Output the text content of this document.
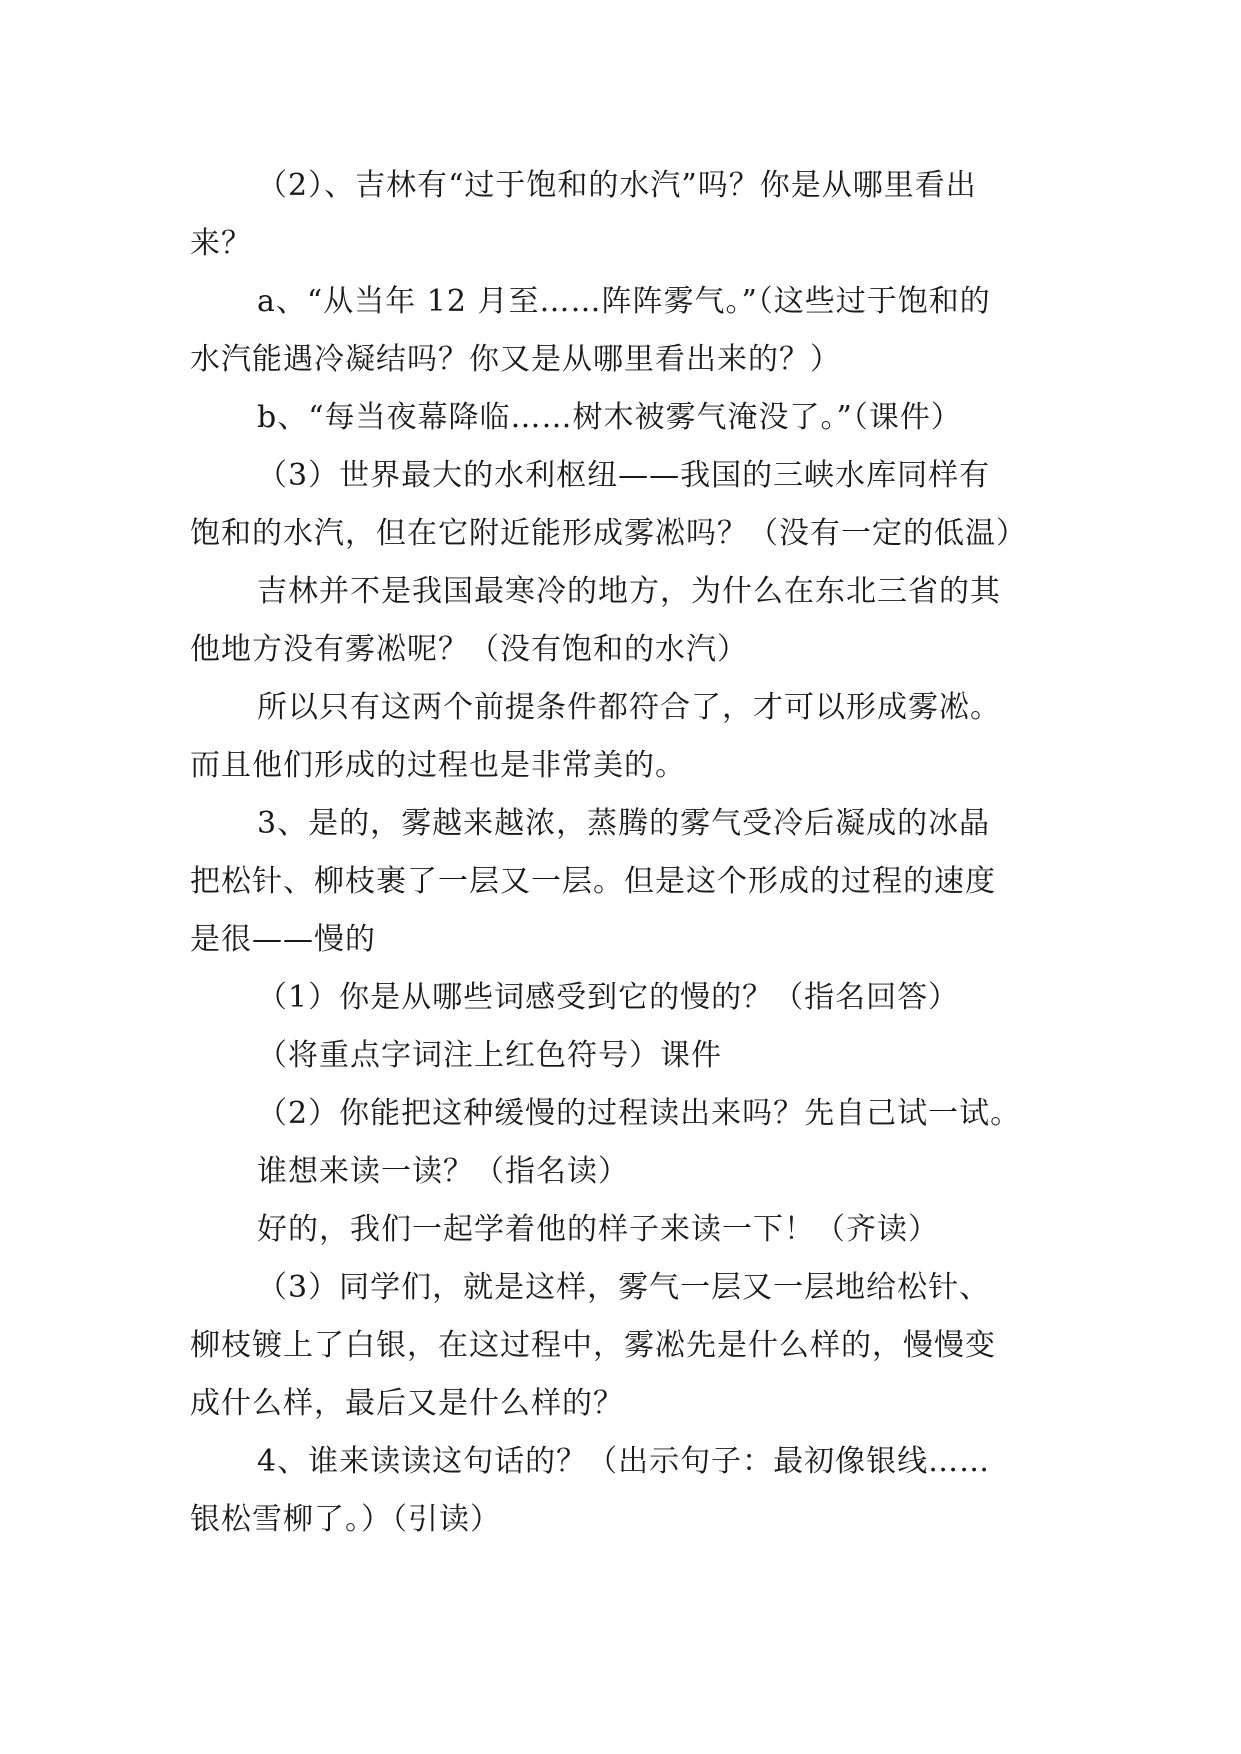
（2）、吉林有“过于饱和的水汽”吗？你是从哪里看出
来？
a、“从当年 12 月至……阵阵雾气。”（这些过于饱和的
水汽能遇冷凝结吗？你又是从哪里看出来的？）
b、“每当夜幕降临……树木被雾气淹没了。”（课件）
（3）世界最大的水利枢纽——我国的三峡水库同样有
饱和的水汽，但在它附近能形成雾凇吗？（没有一定的低温）
吉林并不是我国最寒冷的地方，为什么在东北三省的其
他地方没有雾凇呢？（没有饱和的水汽）
所以只有这两个前提条件都符合了，才可以形成雾凇。
而且他们形成的过程也是非常美的。
3、是的，雾越来越浓，蒸腾的雾气受冷后凝成的冰晶
把松针、柳枝裹了一层又一层。但是这个形成的过程的速度
是很——慢的
（1）你是从哪些词感受到它的慢的？（指名回答）
（将重点字词注上红色符号）课件
（2）你能把这种缓慢的过程读出来吗？先自己试一试。
谁想来读一读？（指名读）
好的，我们一起学着他的样子来读一下！（齐读）
（3）同学们，就是这样，雾气一层又一层地给松针、
柳枝镀上了白银，在这过程中，雾凇先是什么样的，慢慢变
成什么样，最后又是什么样的？
4、谁来读读这句话的？（出示句子：最初像银线……
银松雪柳了。）（引读）
